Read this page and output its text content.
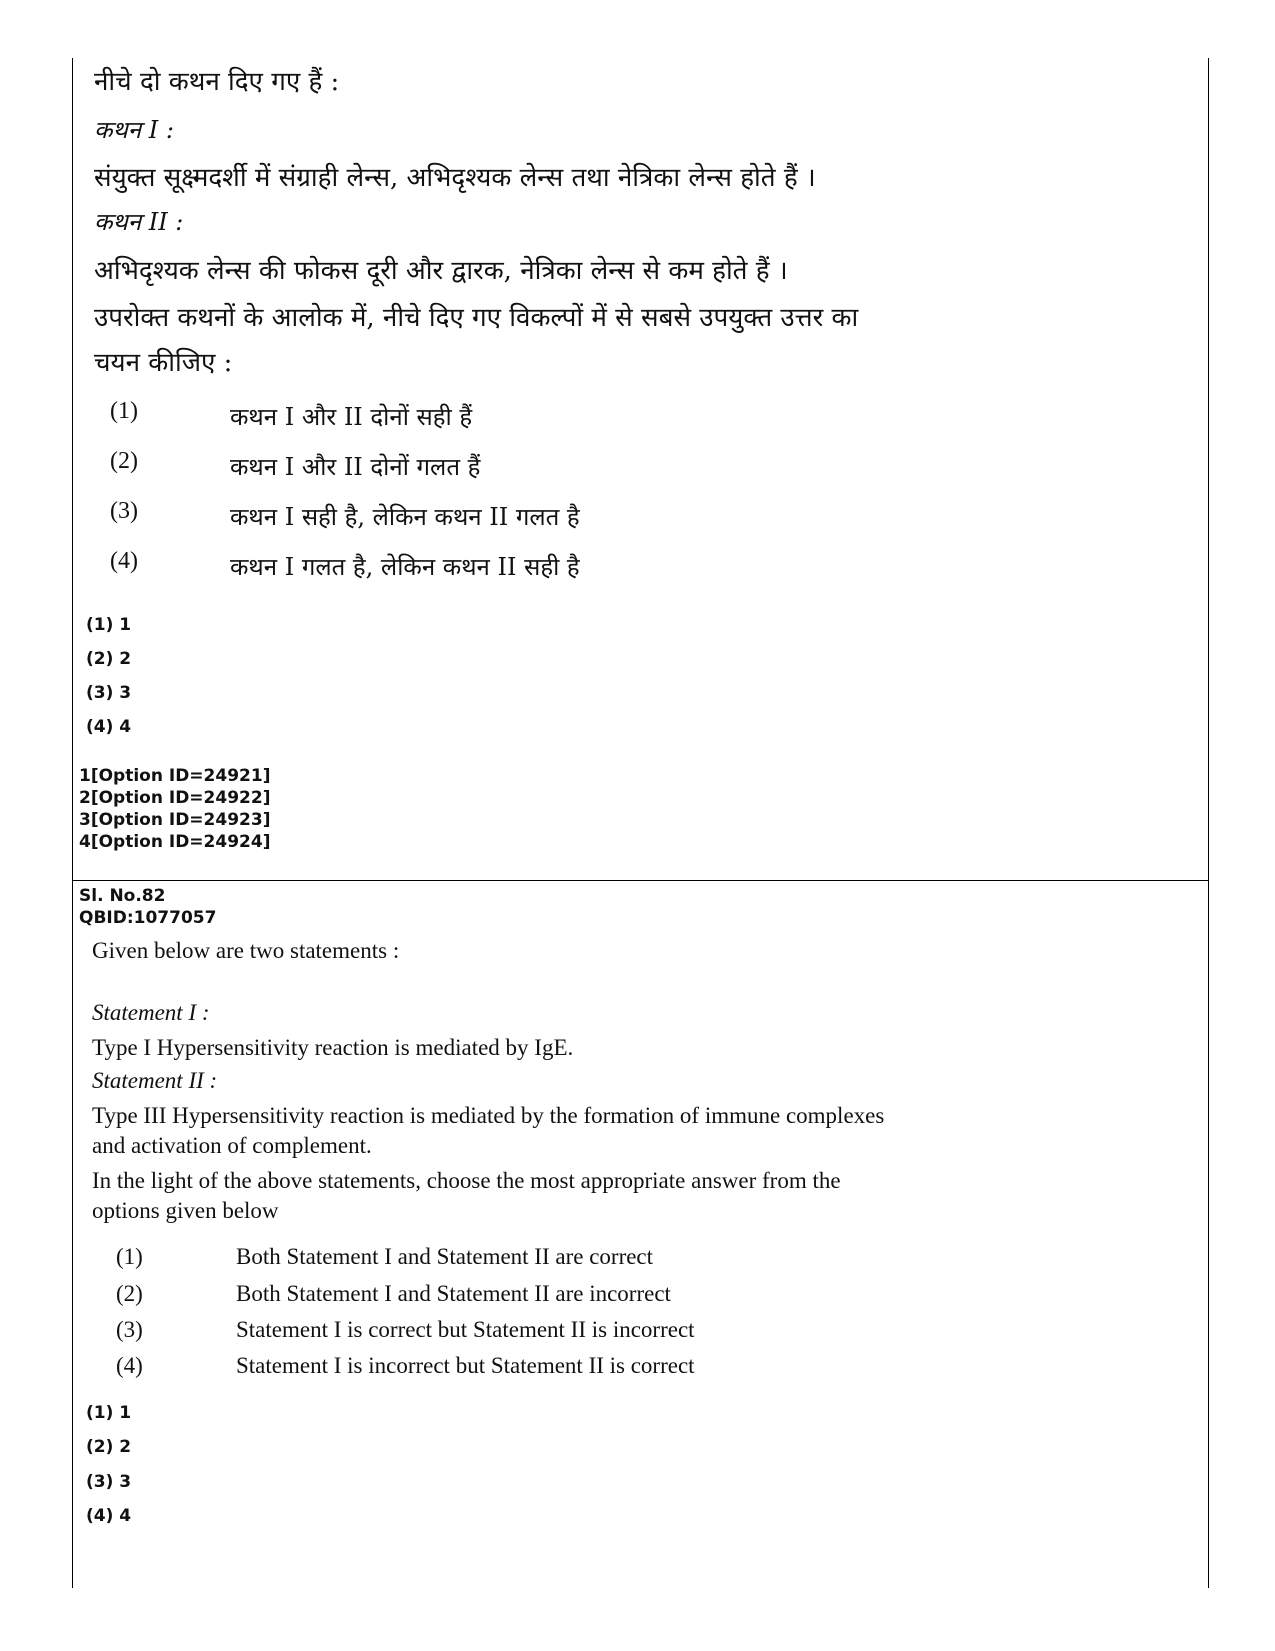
नीचे दो कथन दिए गए हैं :
कथन I :
संयुक्त सूक्ष्मदर्शी में संग्राही लेन्स, अभिदृश्यक लेन्स तथा नेत्रिका लेन्स होते हैं ।
कथन II :
अभिदृश्यक लेन्स की फोकस दूरी और द्वारक, नेत्रिका लेन्स से कम होते हैं ।
उपरोक्त कथनों के आलोक में, नीचे दिए गए विकल्पों में से सबसे उपयुक्त उत्तर का
चयन कीजिए :
(1)	कथन I और II दोनों सही हैं
(2)	कथन I और II दोनों गलत हैं
(3)	कथन I सही है, लेकिन कथन II गलत है
(4)	कथन I गलत है, लेकिन कथन II सही है
(1) 1
(2) 2
(3) 3
(4) 4
1[Option ID=24921]
2[Option ID=24922]
3[Option ID=24923]
4[Option ID=24924]
Sl. No.82
QBID:1077057
Given below are two statements :
Statement I :
Type I Hypersensitivity reaction is mediated by IgE.
Statement II :
Type III Hypersensitivity reaction is mediated by the formation of immune complexes
and activation of complement.
In the light of the above statements, choose the most appropriate answer from the
options given below
(1)	Both Statement I and Statement II are correct
(2)	Both Statement I and Statement II are incorrect
(3)	Statement I is correct but Statement II is incorrect
(4)	Statement I is incorrect but Statement II is correct
(1) 1
(2) 2
(3) 3
(4) 4
